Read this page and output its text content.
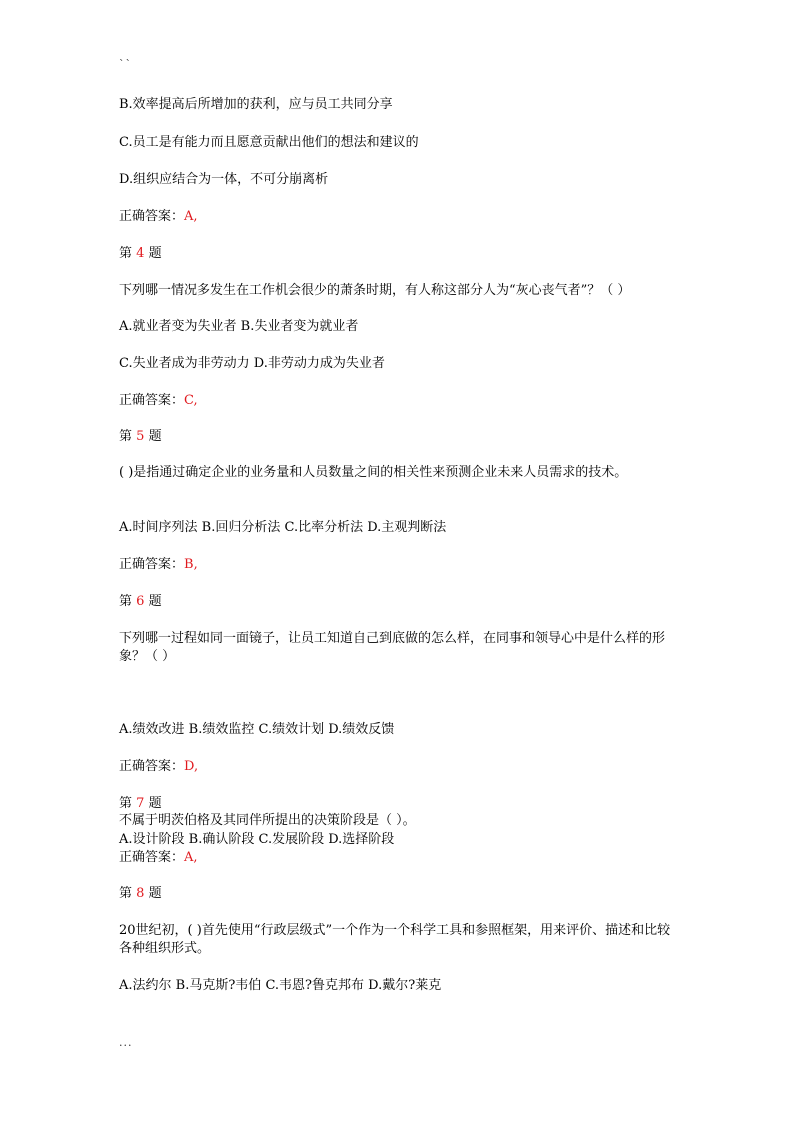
``
B.效率提高后所增加的获利，应与员工共同分享
C.员工是有能力而且愿意贡献出他们的想法和建议的
D.组织应结合为一体，不可分崩离析
正确答案：A,
第 4 题
下列哪一情况多发生在工作机会很少的萧条时期，有人称这部分人为“灰心丧气者”？（ ）
A.就业者变为失业者 B.失业者变为就业者
C.失业者成为非劳动力 D.非劳动力成为失业者
正确答案：C,
第 5 题
( )是指通过确定企业的业务量和人员数量之间的相关性来预测企业未来人员需求的技术。
A.时间序列法 B.回归分析法 C.比率分析法 D.主观判断法
正确答案：B,
第 6 题
下列哪一过程如同一面镜子，让员工知道自己到底做的怎么样，在同事和领导心中是什么样的形象？（ ）
A.绩效改进 B.绩效监控 C.绩效计划 D.绩效反馈
正确答案：D,
第 7 题
不属于明茨伯格及其同伴所提出的决策阶段是（ ）。
A.设计阶段 B.确认阶段 C.发展阶段 D.选择阶段
正确答案：A,
第 8 题
20世纪初，( )首先使用“行政层级式”一个作为一个科学工具和参照框架，用来评价、描述和比较各种组织形式。
A.法约尔 B.马克斯?韦伯 C.韦恩?鲁克邦布 D.戴尔?莱克
...
